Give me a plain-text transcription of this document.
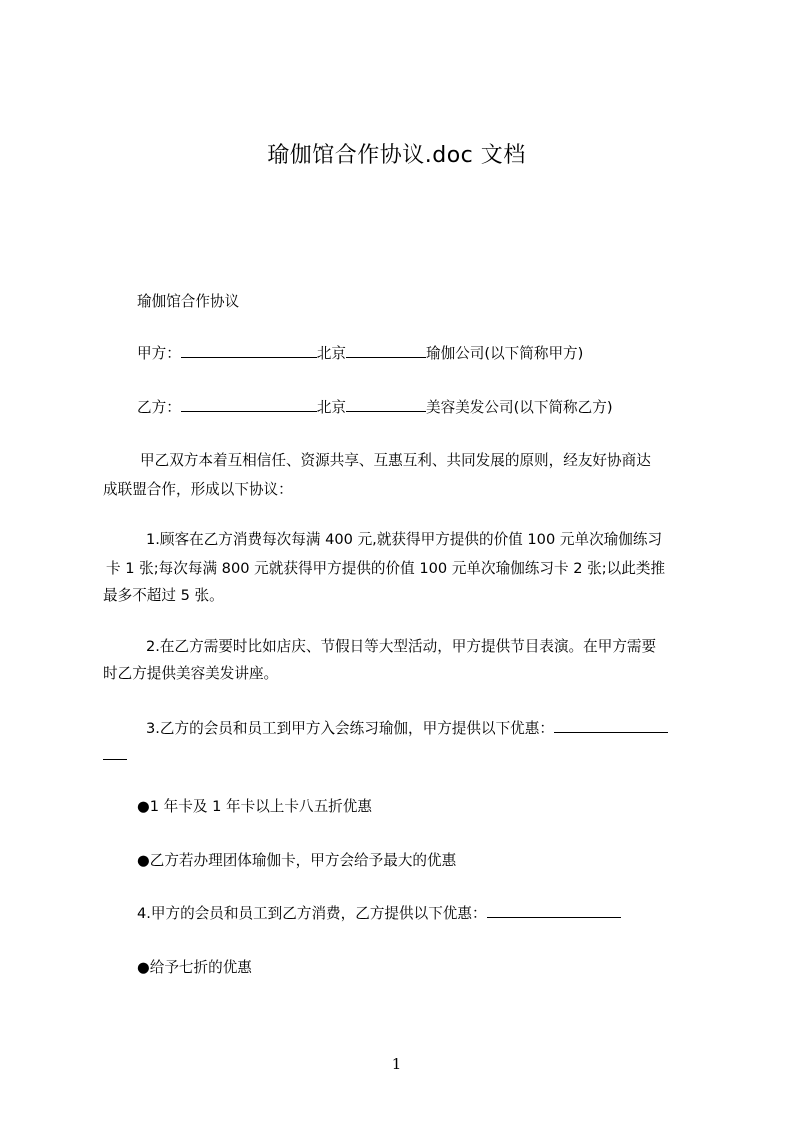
瑜伽馆合作协议.doc 文档
瑜伽馆合作协议
甲方：	北京	瑜伽公司(以下简称甲方)
乙方：	北京	美容美发公司(以下简称乙方)
甲乙双方本着互相信任、资源共享、互惠互利、共同发展的原则，经友好协商达
成联盟合作，形成以下协议：
1.顾客在乙方消费每次每满 400 元,就获得甲方提供的价值 100 元单次瑜伽练习
卡 1 张;每次每满 800 元就获得甲方提供的价值 100 元单次瑜伽练习卡 2 张;以此类推
最多不超过 5 张。
2.在乙方需要时比如店庆、节假日等大型活动，甲方提供节目表演。在甲方需要
时乙方提供美容美发讲座。
3.乙方的会员和员工到甲方入会练习瑜伽，甲方提供以下优惠：
●1 年卡及 1 年卡以上卡八五折优惠
●乙方若办理团体瑜伽卡，甲方会给予最大的优惠
4.甲方的会员和员工到乙方消费，乙方提供以下优惠：
●给予七折的优惠
1
